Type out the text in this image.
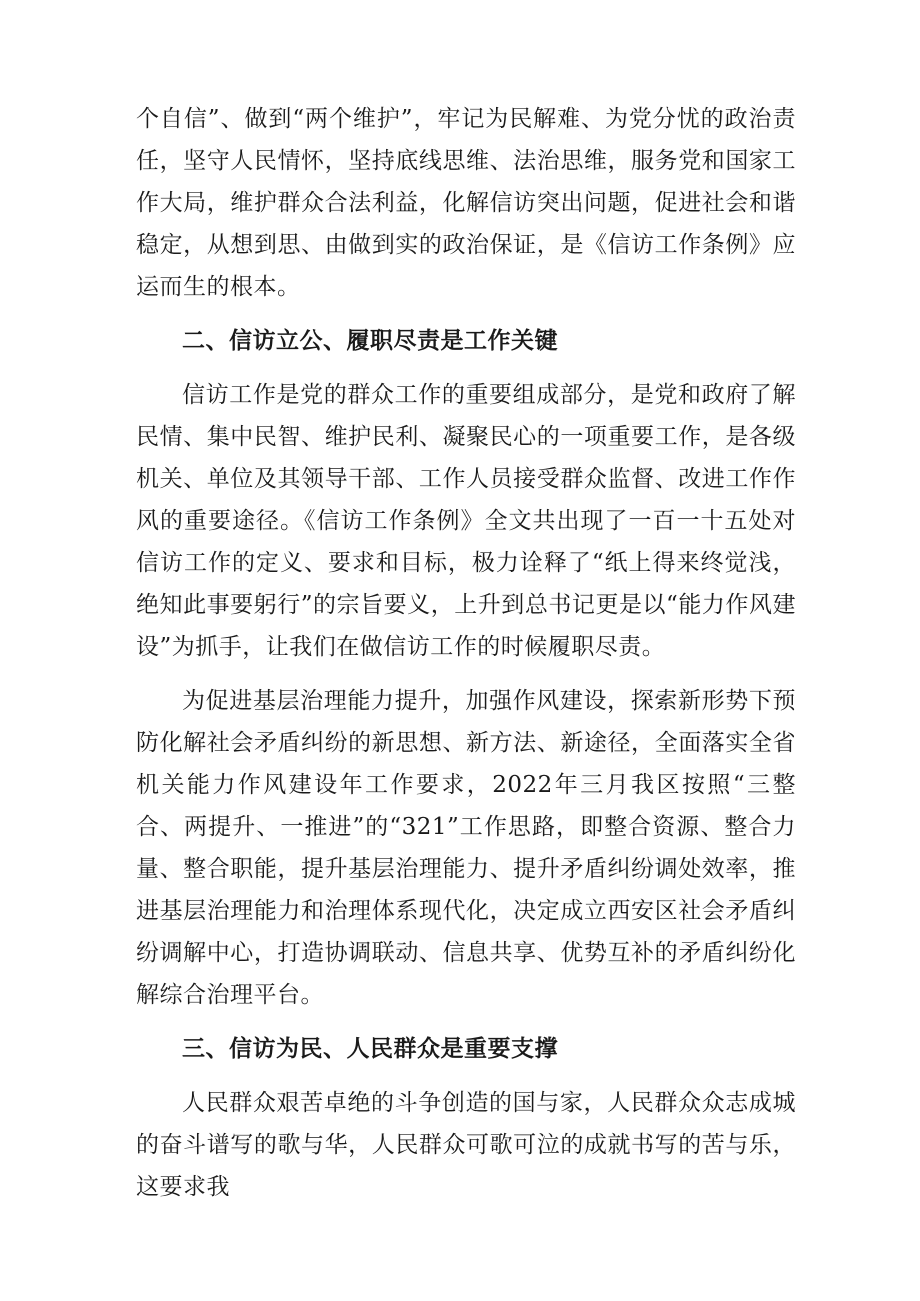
个自信”、做到“两个维护”，牢记为民解难、为党分忧的政治责任，坚守人民情怀，坚持底线思维、法治思维，服务党和国家工作大局，维护群众合法利益，化解信访突出问题，促进社会和谐稳定，从想到思、由做到实的政治保证，是《信访工作条例》应运而生的根本。

二、信访立公、履职尽责是工作关键

信访工作是党的群众工作的重要组成部分，是党和政府了解民情、集中民智、维护民利、凝聚民心的一项重要工作，是各级机关、单位及其领导干部、工作人员接受群众监督、改进工作作风的重要途径。《信访工作条例》全文共出现了一百一十五处对信访工作的定义、要求和目标，极力诠释了“纸上得来终觉浅，绝知此事要躬行”的宗旨要义，上升到总书记更是以“能力作风建设”为抓手，让我们在做信访工作的时候履职尽责。

为促进基层治理能力提升，加强作风建设，探索新形势下预防化解社会矛盾纠纷的新思想、新方法、新途径，全面落实全省机关能力作风建设年工作要求，2022年三月我区按照“三整合、两提升、一推进”的“321”工作思路，即整合资源、整合力量、整合职能，提升基层治理能力、提升矛盾纠纷调处效率，推进基层治理能力和治理体系现代化，决定成立西安区社会矛盾纠纷调解中心，打造协调联动、信息共享、优势互补的矛盾纠纷化解综合治理平台。

三、信访为民、人民群众是重要支撑

人民群众艰苦卓绝的斗争创造的国与家，人民群众众志成城的奋斗谱写的歌与华，人民群众可歌可泣的成就书写的苦与乐，这要求我
